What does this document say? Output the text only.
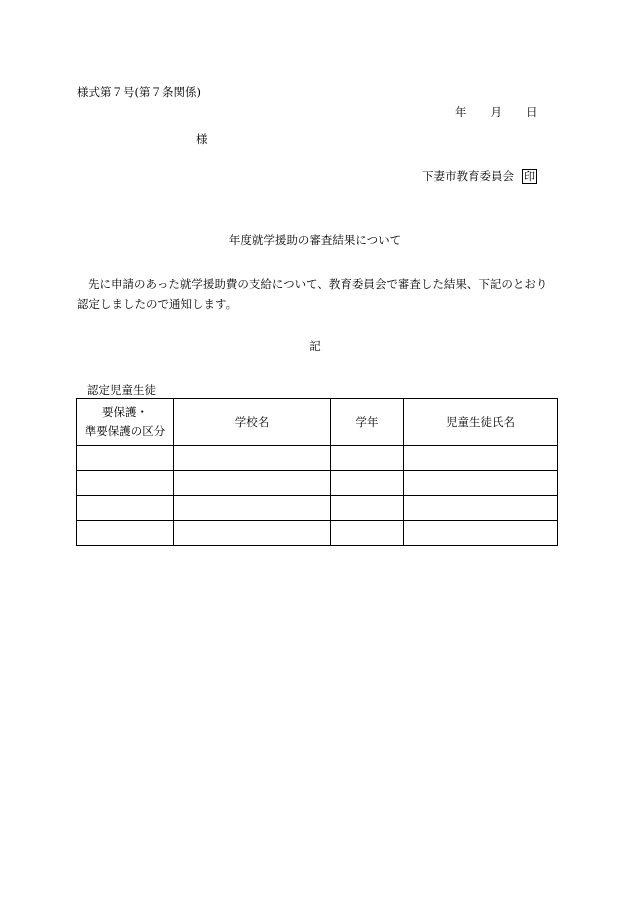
様式第７号(第７条関係)
年 月 日
様
下妻市教育委員会 印
年度就学援助の審査結果について
先に申請のあった就学援助費の支給について、教育委員会で審査した結果、下記のとおり認定しましたので通知します。
記
認定児童生徒
要保護・
準要保護の区分	学校名	学年	児童生徒氏名
